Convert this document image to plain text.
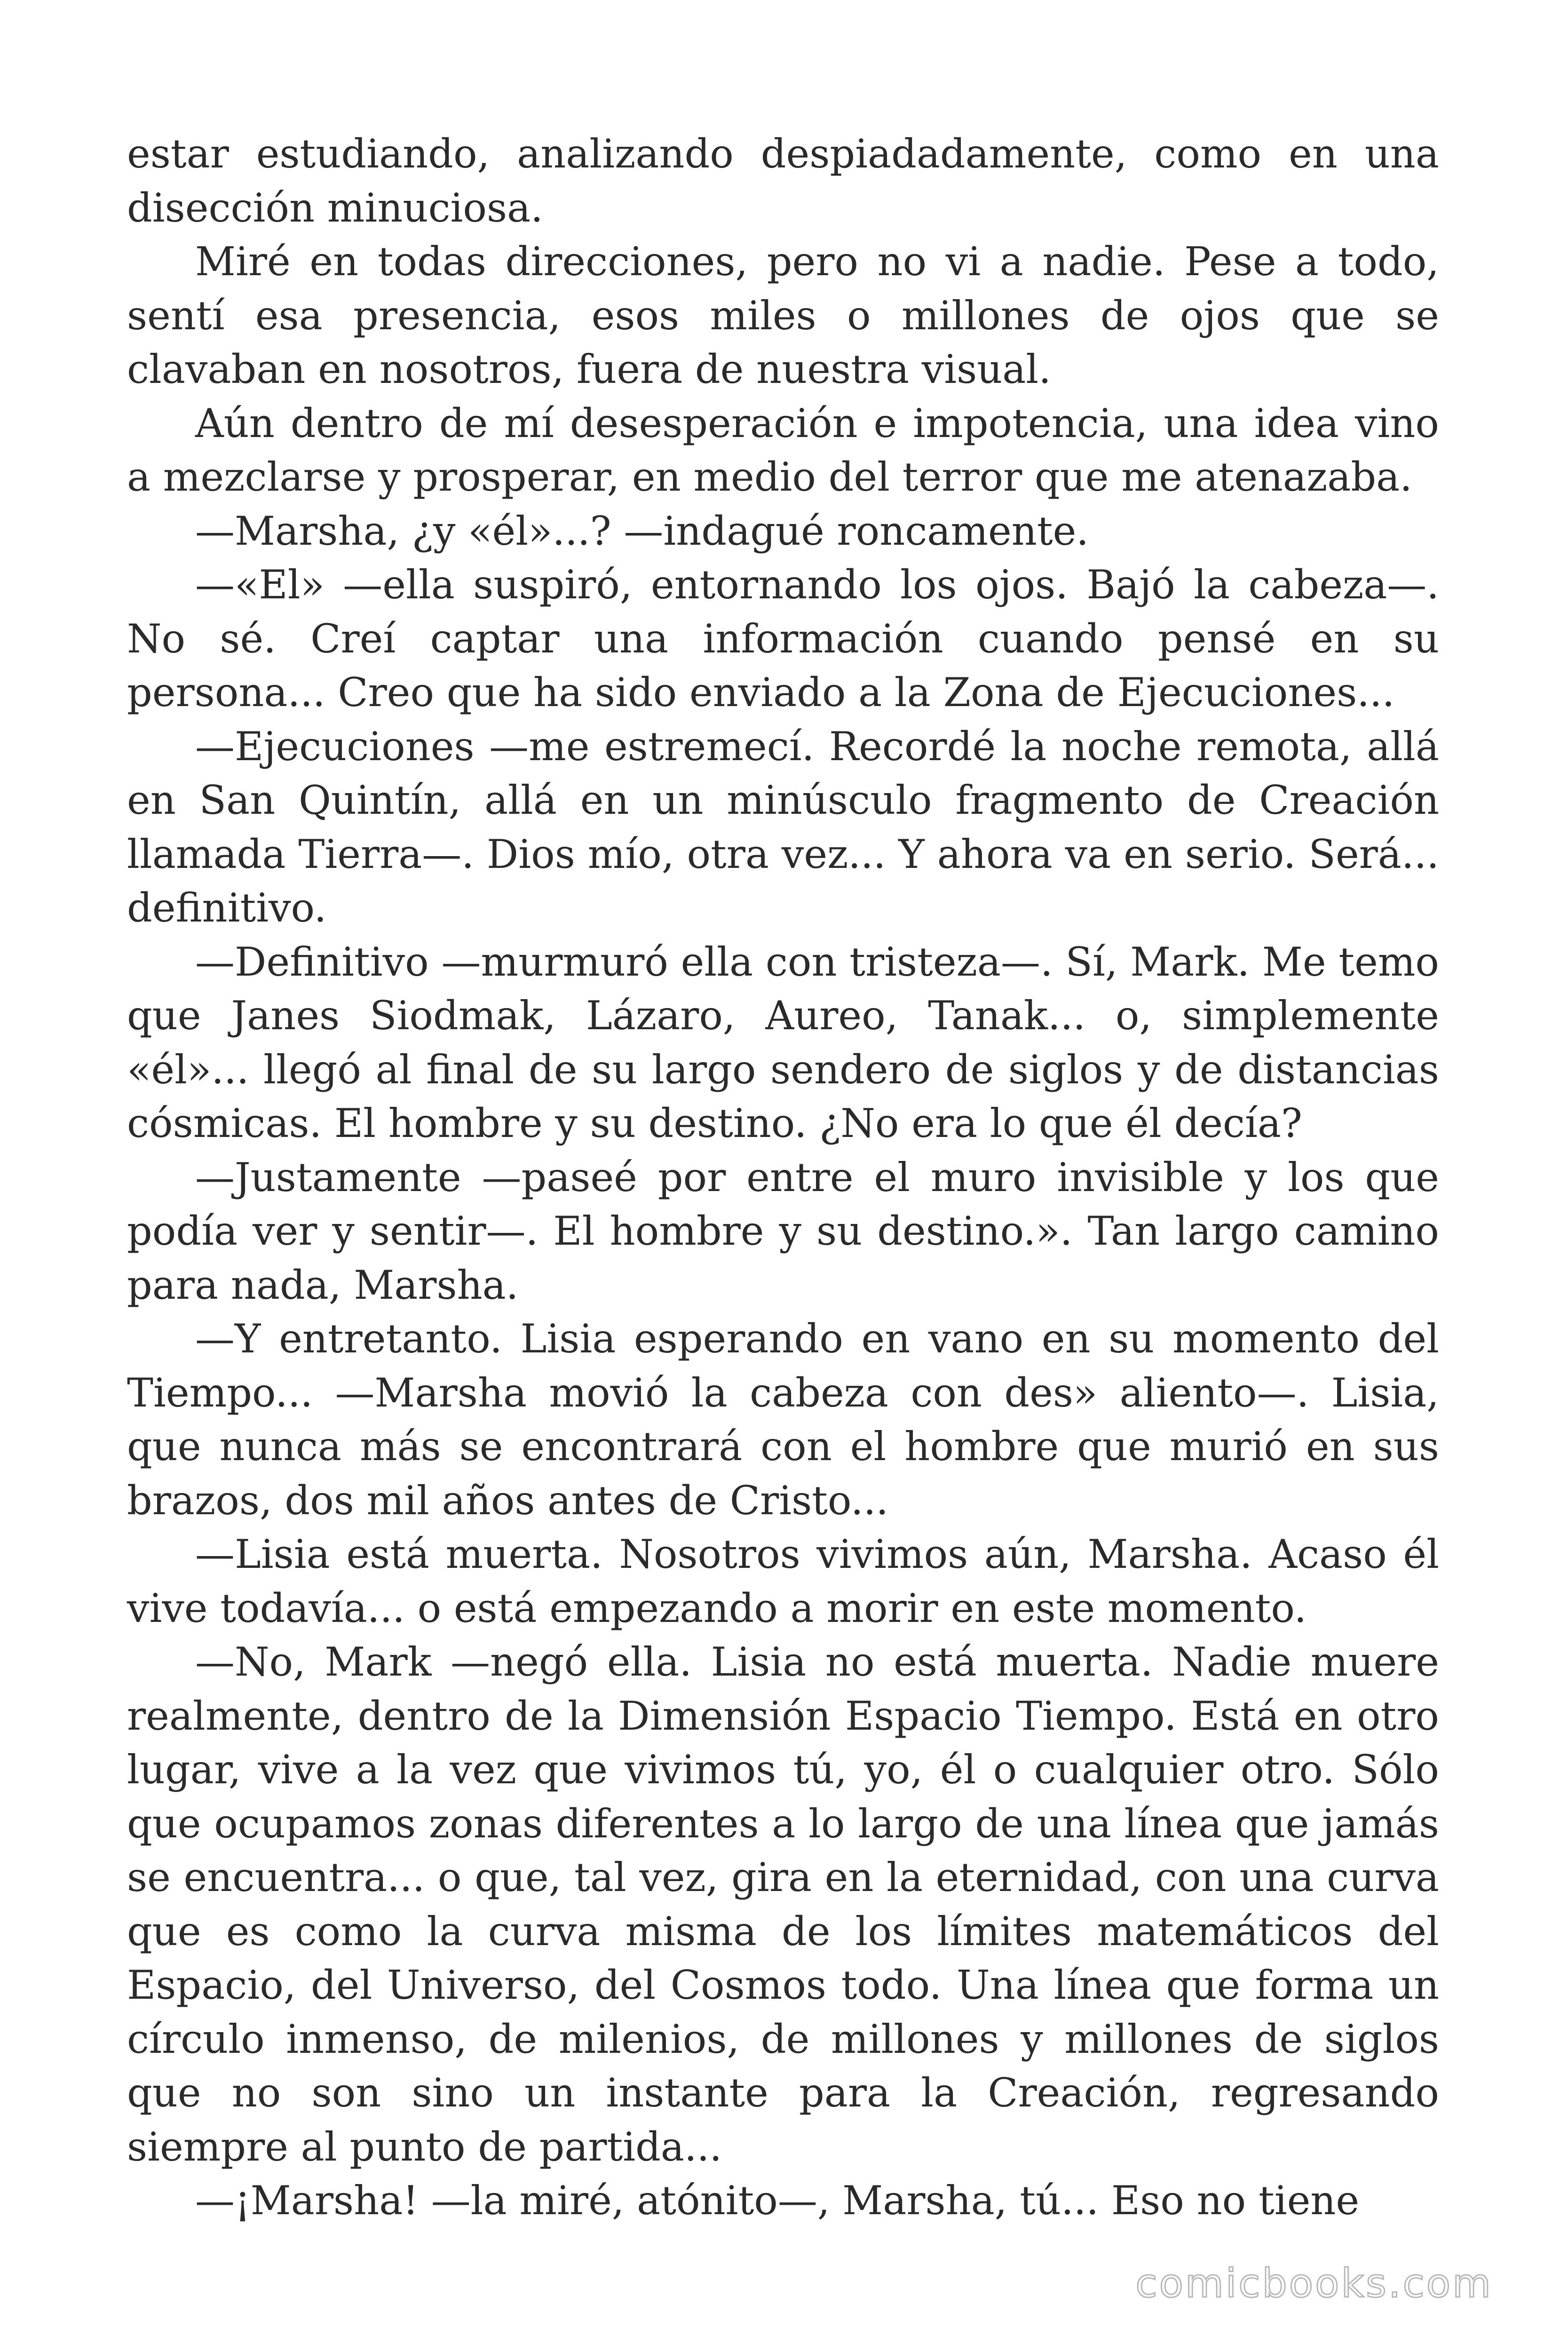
estar estudiando, analizando despiadadamente, como en una disección minuciosa.

Miré en todas direcciones, pero no vi a nadie. Pese a todo, sentí esa presencia, esos miles o millones de ojos que se clavaban en nosotros, fuera de nuestra visual.

Aún dentro de mí desesperación e impotencia, una idea vino a mezclarse y prosperar, en medio del terror que me atenazaba.

—Marsha, ¿y «él»...? —indagué roncamente.

—«El» —ella suspiró, entornando los ojos. Bajó la cabeza—. No sé. Creí captar una información cuando pensé en su persona... Creo que ha sido enviado a la Zona de Ejecuciones...

—Ejecuciones —me estremecí. Recordé la noche remota, allá en San Quintín, allá en un minúsculo fragmento de Creación llamada Tierra—. Dios mío, otra vez... Y ahora va en serio. Será... definitivo.

—Definitivo —murmuró ella con tristeza—. Sí, Mark. Me temo que Janes Siodmak, Lázaro, Aureo, Tanak... o, simplemente «él»... llegó al final de su largo sendero de siglos y de distancias cósmicas. El hombre y su destino. ¿No era lo que él decía?

—Justamente —paseé por entre el muro invisible y los que podía ver y sentir—. El hombre y su destino.». Tan largo camino para nada, Marsha.

—Y entretanto. Lisia esperando en vano en su momento del Tiempo... —Marsha movió la cabeza con des» aliento—. Lisia, que nunca más se encontrará con el hombre que murió en sus brazos, dos mil años antes de Cristo...

—Lisia está muerta. Nosotros vivimos aún, Marsha. Acaso él vive todavía... o está empezando a morir en este momento.

—No, Mark —negó ella. Lisia no está muerta. Nadie muere realmente, dentro de la Dimensión Espacio Tiempo. Está en otro lugar, vive a la vez que vivimos tú, yo, él o cualquier otro. Sólo que ocupamos zonas diferentes a lo largo de una línea que jamás se encuentra... o que, tal vez, gira en la eternidad, con una curva que es como la curva misma de los límites matemáticos del Espacio, del Universo, del Cosmos todo. Una línea que forma un círculo inmenso, de milenios, de millones y millones de siglos que no son sino un instante para la Creación, regresando siempre al punto de partida...

—¡Marsha! —la miré, atónito—, Marsha, tú... Eso no tiene

comicbooks.com
